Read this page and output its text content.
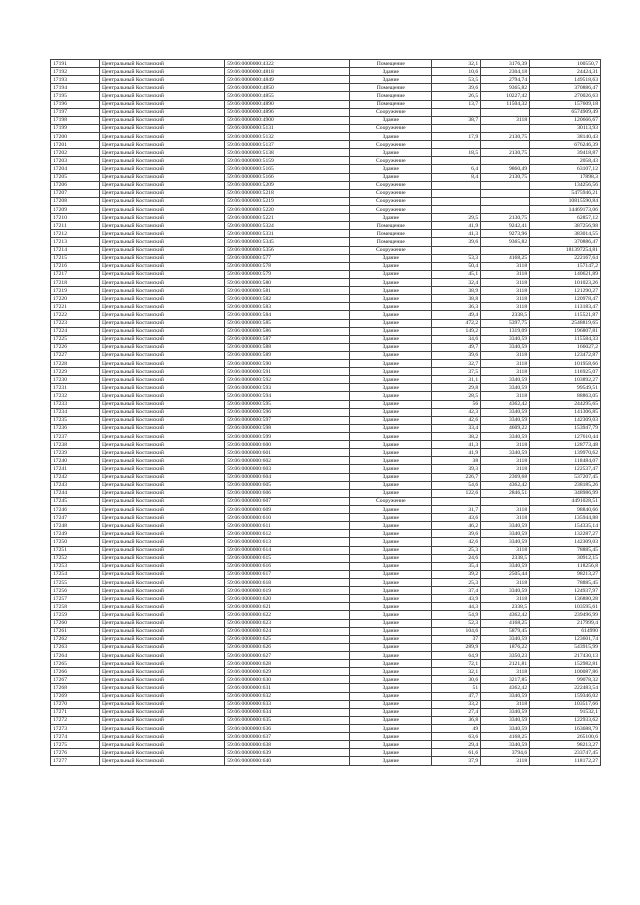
17191	Центральный Костанский	59:06:0000000:4322	Помещение	32,1	3176,39	100550,7
17192	Центральный Костанский	59:06:0000000:4818	Здание	10,6	2304,18	24424,31
17193	Центральный Костанский	59:06:0000000:4849	Здание	53,5	2794,74	149518,63
17194	Центральный Костанский	59:06:0000000:4850	Помещение	39,6	9365,82	370886,47
17195	Центральный Костанский	59:06:0000000:4855	Помещение	26,5	10227,42	270026,63
17196	Центральный Костанский	59:06:0000000:4890	Помещение	13,7	11504,32	157609,18
17197	Центральный Костанский	59:06:0000000:4896	Сооружение			6574909,49
17198	Центральный Костанский	59:06:0000000:4900	Здание	38,7	3118	120666,67
17199	Центральный Костанский	59:06:0000000:5131	Сооружение			30113,93
17200	Центральный Костанский	59:06:0000000:5132	Здание	17,9	2130,75	38140,43
17201	Центральный Костанский	59:06:0000000:5137	Сооружение			676246,39
17202	Центральный Костанский	59:06:0000000:5138	Здание	18,5	2130,75	39418,87
17203	Центральный Костанский	59:06:0000000:5159	Сооружение			2058,43
17204	Центральный Костанский	59:06:0000000:5165	Здание	6,4	9860,49	63107,12
17205	Центральный Костанский	59:06:0000000:5166	Здание	8,4	2130,75	17898,3
17206	Центральный Костанский	59:06:0000000:5209	Сооружение			134256,56
17207	Центральный Костанский	59:06:0000000:5218	Сооружение			5475946,21
17208	Центральный Костанский	59:06:0000000:5219	Сооружение			10815590,84
17209	Центральный Костанский	59:06:0000000:5220	Сооружение			14469173,06
17210	Центральный Костанский	59:06:0000000:5221	Здание	29,5	2130,75	62857,12
17211	Центральный Костанский	59:06:0000000:5324	Помещение	41,9	9242,41	387256,98
17212	Центральный Костанский	59:06:0000000:5331	Помещение	41,3	9273,96	383014,55
17213	Центральный Костанский	59:06:0000000:5345	Помещение	39,6	9365,82	370886,47
17214	Центральный Костанский	59:06:0000000:5356	Сооружение			181397254,81
17215	Центральный Костанский	59:06:0000000:577	Здание	53,3	4168,25	222167,64
17216	Центральный Костанский	59:06:0000000:578	Здание	50,4	3118	157147,2
17217	Центральный Костанский	59:06:0000000:579	Здание	45,1	3118	140621,89
17218	Центральный Костанский	59:06:0000000:580	Здание	32,4	3118	101023,26
17219	Центральный Костанский	59:06:0000000:581	Здание	38,9	3118	121290,27
17220	Центральный Костанский	59:06:0000000:582	Здание	38,8	3118	120978,47
17221	Центральный Костанский	59:06:0000000:583	Здание	36,3	3118	113183,47
17222	Центральный Костанский	59:06:0000000:584	Здание	49,4	2338,5	115521,87
17223	Центральный Костанский	59:06:0000000:585	Здание	472,2	5397,75	2548819,65
17224	Центральный Костанский	59:06:0000000:586	Здание	149,2	1319,09	196807,81
17225	Центральный Костанский	59:06:0000000:587	Здание	34,6	3340,59	115584,33
17226	Центральный Костанский	59:06:0000000:588	Здание	49,7	3340,59	166027,2
17227	Центральный Костанский	59:06:0000000:589	Здание	39,6	3118	123472,87
17228	Центральный Костанский	59:06:0000000:590	Здание	32,7	3118	101958,66
17229	Центральный Костанский	59:06:0000000:591	Здание	37,5	3118	116925,07
17230	Центральный Костанский	59:06:0000000:592	Здание	31,1	3340,59	103892,27
17231	Центральный Костанский	59:06:0000000:593	Здание	29,8	3340,59	99549,51
17232	Центральный Костанский	59:06:0000000:594	Здание	28,5	3118	88863,05
17233	Центральный Костанский	59:06:0000000:595	Здание	56	4362,42	244295,65
17234	Центральный Костанский	59:06:0000000:596	Здание	42,3	3340,59	141306,85
17235	Центральный Костанский	59:06:0000000:597	Здание	42,6	3340,59	142309,03
17236	Центральный Костанский	59:06:0000000:598	Здание	33,4	4609,22	153947,79
17237	Центральный Костанский	59:06:0000000:599	Здание	38,2	3340,59	127610,44
17238	Центральный Костанский	59:06:0000000:600	Здание	41,3	3118	128773,48
17239	Центральный Костанский	59:06:0000000:601	Здание	41,9	3340,59	139970,62
17240	Центральный Костанский	59:06:0000000:602	Здание	38	3118	118484,07
17241	Центральный Костанский	59:06:0000000:603	Здание	39,3	3118	122537,47
17242	Центральный Костанский	59:06:0000000:604	Здание	226,7	2369,68	537207,45
17243	Центральный Костанский	59:06:0000000:605	Здание	54,6	4362,42	238185,26
17244	Центральный Костанский	59:06:0000000:606	Здание	122,6	2846,51	348986,99
17245	Центральный Костанский	59:06:0000000:607	Сооружение			4491028,51
17246	Центральный Костанский	59:06:0000000:609	Здание	31,7	3118	98840,66
17247	Центральный Костанский	59:06:0000000:610	Здание	43,6	3118	135944,88
17248	Центральный Костанский	59:06:0000000:611	Здание	46,2	3340,59	154335,14
17249	Центральный Костанский	59:06:0000000:612	Здание	39,6	3340,59	132287,27
17250	Центральный Костанский	59:06:0000000:613	Здание	42,6	3340,59	142309,03
17251	Центральный Костанский	59:06:0000000:614	Здание	25,3	3118	78885,45
17252	Центральный Костанский	59:06:0000000:615	Здание	24,6	2338,5	30912,15
17253	Центральный Костанский	59:06:0000000:616	Здание	35,4	3340,59	118256,8
17254	Центральный Костанский	59:06:0000000:617	Здание	39,2	2505,44	98213,27
17255	Центральный Костанский	59:06:0000000:618	Здание	25,3	3118	78885,45
17256	Центральный Костанский	59:06:0000000:619	Здание	37,4	3340,59	124937,97
17257	Центральный Костанский	59:06:0000000:620	Здание	43,9	3118	136880,28
17258	Центральный Костанский	59:06:0000000:621	Здание	44,3	2338,5	103595,61
17259	Центральный Костанский	59:06:0000000:622	Здание	54,9	4362,42	239496,99
17260	Центральный Костанский	59:06:0000000:623	Здание	52,3	4168,25	217999,4
17261	Центральный Костанский	59:06:0000000:624	Здание	104,6	5879,45	614990
17262	Центральный Костанский	59:06:0000000:625	Здание	37	3340,59	123601,74
17263	Центральный Костанский	59:06:0000000:626	Здание	289,9	1876,22	543915,99
17264	Центральный Костанский	59:06:0000000:627	Здание	64,9	3350,23	217430,13
17265	Центральный Костанский	59:06:0000000:628	Здание	72,1	2121,81	152982,81
17266	Центральный Костанский	59:06:0000000:629	Здание	32,1	3118	100087,86
17267	Центральный Костанский	59:06:0000000:630	Здание	30,6	3217,85	99078,32
17268	Центральный Костанский	59:06:0000000:631	Здание	51	4362,42	222483,54
17269	Центральный Костанский	59:06:0000000:632	Здание	47,7	3340,59	159346,02
17270	Центральный Костанский	59:06:0000000:633	Здание	33,2	3118	103517,66
17271	Центральный Костанский	59:06:0000000:634	Здание	27,4	3340,59	91532,1
17272	Центральный Костанский	59:06:0000000:635	Здание	36,8	3340,59	122933,62
17273	Центральный Костанский	59:06:0000000:636	Здание	49	3340,59	163688,79
17274	Центральный Костанский	59:06:0000000:637	Здание	63,6	4168,25	265100,6
17275	Центральный Костанский	59:06:0000000:638	Здание	29,4	3340,59	98213,27
17276	Центральный Костанский	59:06:0000000:639	Здание	61,6	3794,6	233747,45
17277	Центральный Костанский	59:06:0000000:640	Здание	37,9	3118	118172,27
